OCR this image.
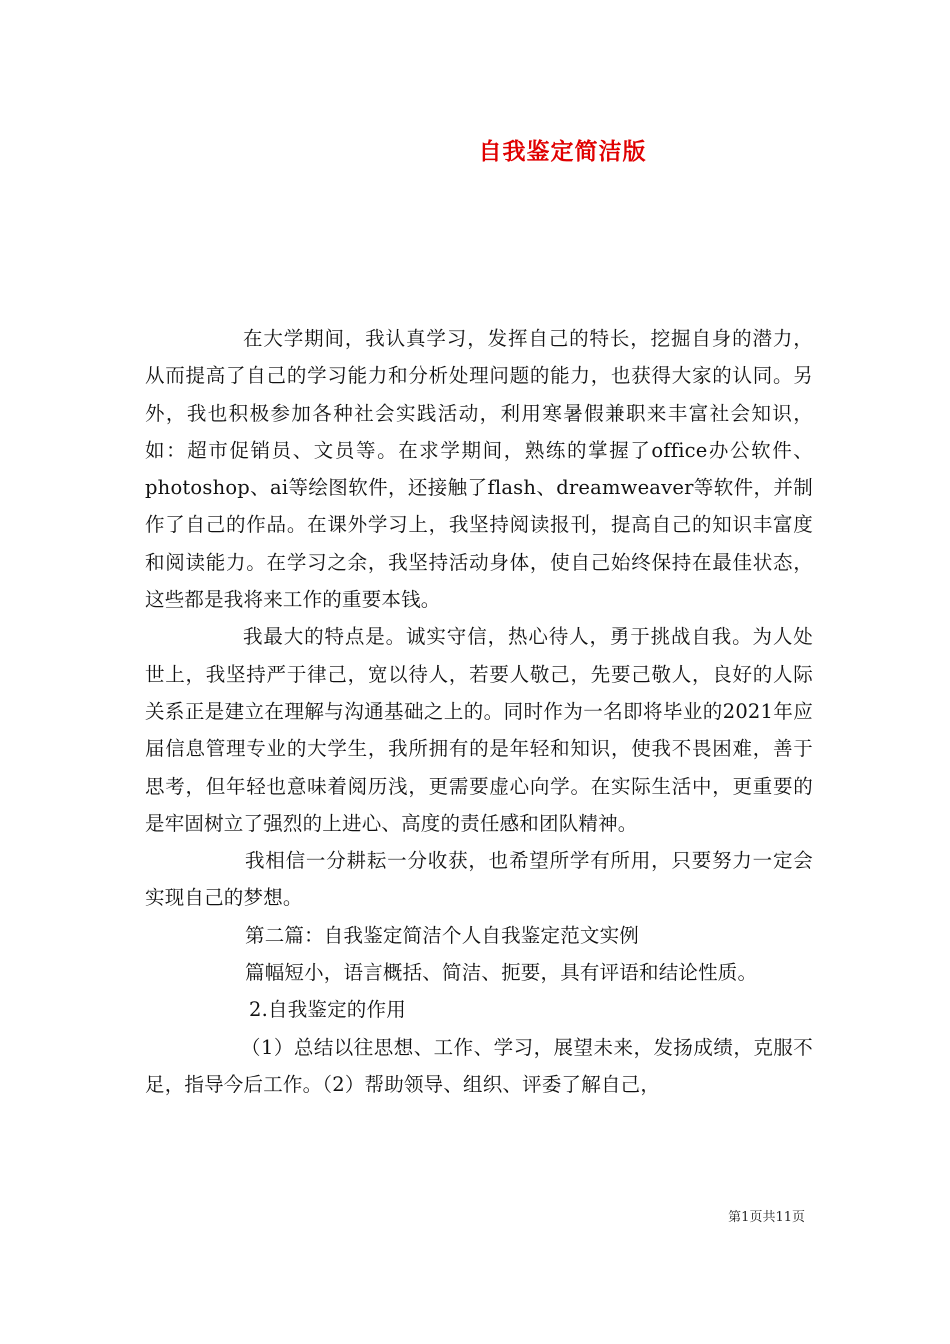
自我鉴定简洁版

在大学期间，我认真学习，发挥自己的特长，挖掘自身的潜力，从而提高了自己的学习能力和分析处理问题的能力，也获得大家的认同。另外，我也积极参加各种社会实践活动，利用寒暑假兼职来丰富社会知识，如：超市促销员、文员等。在求学期间，熟练的掌握了office办公软件、photoshop、ai等绘图软件，还接触了flash、dreamweaver等软件，并制作了自己的作品。在课外学习上，我坚持阅读报刊，提高自己的知识丰富度和阅读能力。在学习之余，我坚持活动身体，使自己始终保持在最佳状态，这些都是我将来工作的重要本钱。

我最大的特点是。诚实守信，热心待人，勇于挑战自我。为人处世上，我坚持严于律己，宽以待人，若要人敬己，先要己敬人，良好的人际关系正是建立在理解与沟通基础之上的。同时作为一名即将毕业的2021年应届信息管理专业的大学生，我所拥有的是年轻和知识，使我不畏困难，善于思考，但年轻也意味着阅历浅，更需要虚心向学。在实际生活中，更重要的是牢固树立了强烈的上进心、高度的责任感和团队精神。

我相信一分耕耘一分收获，也希望所学有所用，只要努力一定会实现自己的梦想。

第二篇：自我鉴定简洁个人自我鉴定范文实例

篇幅短小，语言概括、简洁、扼要，具有评语和结论性质。

2.自我鉴定的作用

（1）总结以往思想、工作、学习，展望未来，发扬成绩，克服不足，指导今后工作。（2）帮助领导、组织、评委了解自己，

第1页共11页
